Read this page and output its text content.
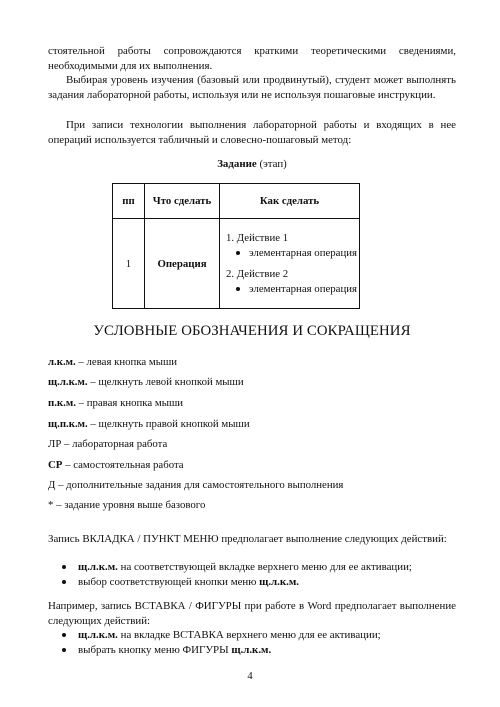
стоятельной работы сопровождаются краткими теоретическими сведениями, необходимыми для их выполнения.

Выбирая уровень изучения (базовый или продвинутый), студент может выполнять задания лабораторной работы, используя или не используя пошаговые инструкции.

При записи технологии выполнения лабораторной работы и входящих в нее операций используется табличный и словесно-пошаговый метод:

Задание (этап)

пп	Что сделать	Как сделать
1	Операция	1. Действие 1

элементарная операция

2. Действие 2

элементарная операция
УСЛОВНЫЕ ОБОЗНАЧЕНИЯ И СОКРАЩЕНИЯ
л.к.м. – левая кнопка мыши
щ.л.к.м. – щелкнуть левой кнопкой мыши
п.к.м. – правая кнопка мыши
щ.п.к.м. – щелкнуть правой кнопкой мыши
ЛР – лабораторная работа
СР – самостоятельная работа
Д – дополнительные задания для самостоятельного выполнения
* – задание уровня выше базового

Запись ВКЛАДКА / ПУНКТ МЕНЮ предполагает выполнение следующих действий:

щ.л.к.м. на соответствующей вкладке верхнего меню для ее активации;
выбор соответствующей кнопки меню щ.л.к.м.

Например, запись ВСТАВКА / ФИГУРЫ при работе в Word предполагает выполнение следующих действий:

щ.л.к.м. на вкладке ВСТАВКА верхнего меню для ее активации;
выбрать кнопку меню ФИГУРЫ щ.л.к.м.
4
